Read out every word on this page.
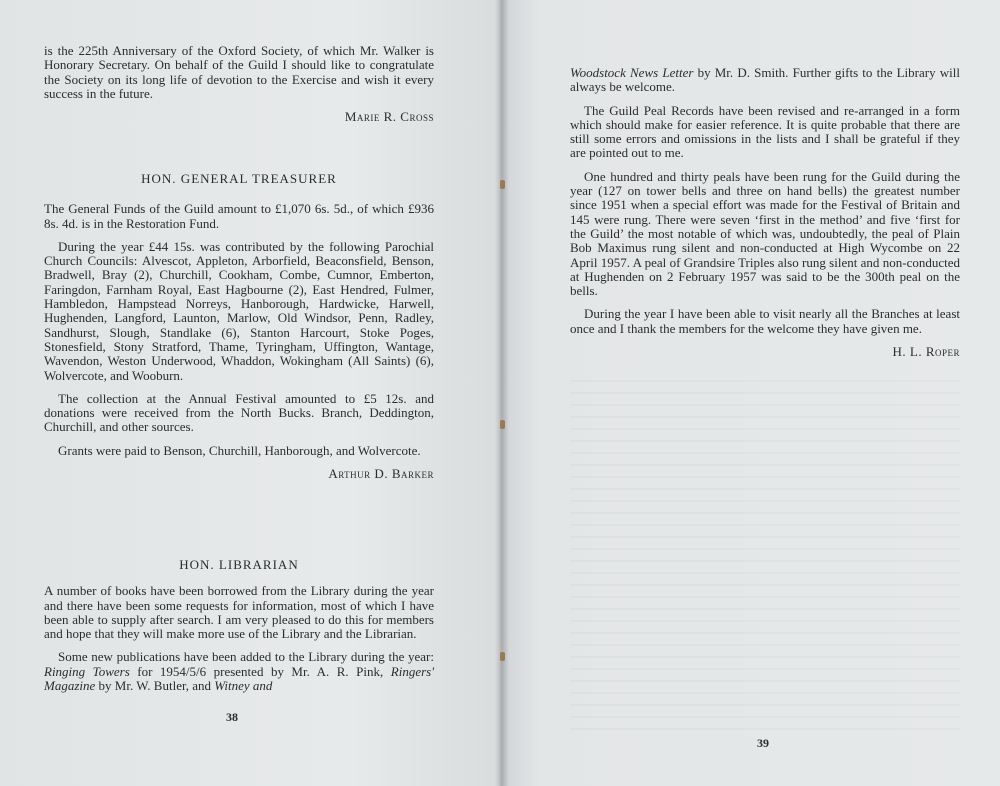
is the 225th Anniversary of the Oxford Society, of which Mr. Walker is Honorary Secretary. On behalf of the Guild I should like to congratulate the Society on its long life of devotion to the Exercise and wish it every success in the future.

Marie R. Cross

HON. GENERAL TREASURER

The General Funds of the Guild amount to £1,070 6s. 5d., of which £936 8s. 4d. is in the Restoration Fund.

During the year £44 15s. was contributed by the following Parochial Church Councils: Alvescot, Appleton, Arborfield, Beaconsfield, Benson, Bradwell, Bray (2), Churchill, Cookham, Combe, Cumnor, Emberton, Faringdon, Farnham Royal, East Hagbourne (2), East Hendred, Fulmer, Hambledon, Hampstead Norreys, Hanborough, Hardwicke, Harwell, Hughenden, Langford, Launton, Marlow, Old Windsor, Penn, Radley, Sandhurst, Slough, Standlake (6), Stanton Harcourt, Stoke Poges, Stonesfield, Stony Stratford, Thame, Tyringham, Uffington, Wantage, Wavendon, Weston Underwood, Whaddon, Wokingham (All Saints) (6), Wolvercote, and Wooburn.

The collection at the Annual Festival amounted to £5 12s. and donations were received from the North Bucks. Branch, Deddington, Churchill, and other sources.

Grants were paid to Benson, Churchill, Hanborough, and Wolvercote.

Arthur D. Barker

HON. LIBRARIAN

A number of books have been borrowed from the Library during the year and there have been some requests for information, most of which I have been able to supply after search. I am very pleased to do this for members and hope that they will make more use of the Library and the Librarian.

Some new publications have been added to the Library during the year: Ringing Towers for 1954/5/6 presented by Mr. A. R. Pink, Ringers' Magazine by Mr. W. Butler, and Witney and

38

Woodstock News Letter by Mr. D. Smith. Further gifts to the Library will always be welcome.

The Guild Peal Records have been revised and re-arranged in a form which should make for easier reference. It is quite probable that there are still some errors and omissions in the lists and I shall be grateful if they are pointed out to me.

One hundred and thirty peals have been rung for the Guild during the year (127 on tower bells and three on hand bells) the greatest number since 1951 when a special effort was made for the Festival of Britain and 145 were rung. There were seven ‘first in the method’ and five ‘first for the Guild’ the most notable of which was, undoubtedly, the peal of Plain Bob Maximus rung silent and non-conducted at High Wycombe on 22 April 1957. A peal of Grandsire Triples also rung silent and non-conducted at Hughenden on 2 February 1957 was said to be the 300th peal on the bells.

During the year I have been able to visit nearly all the Branches at least once and I thank the members for the welcome they have given me.

H. L. Roper

39
